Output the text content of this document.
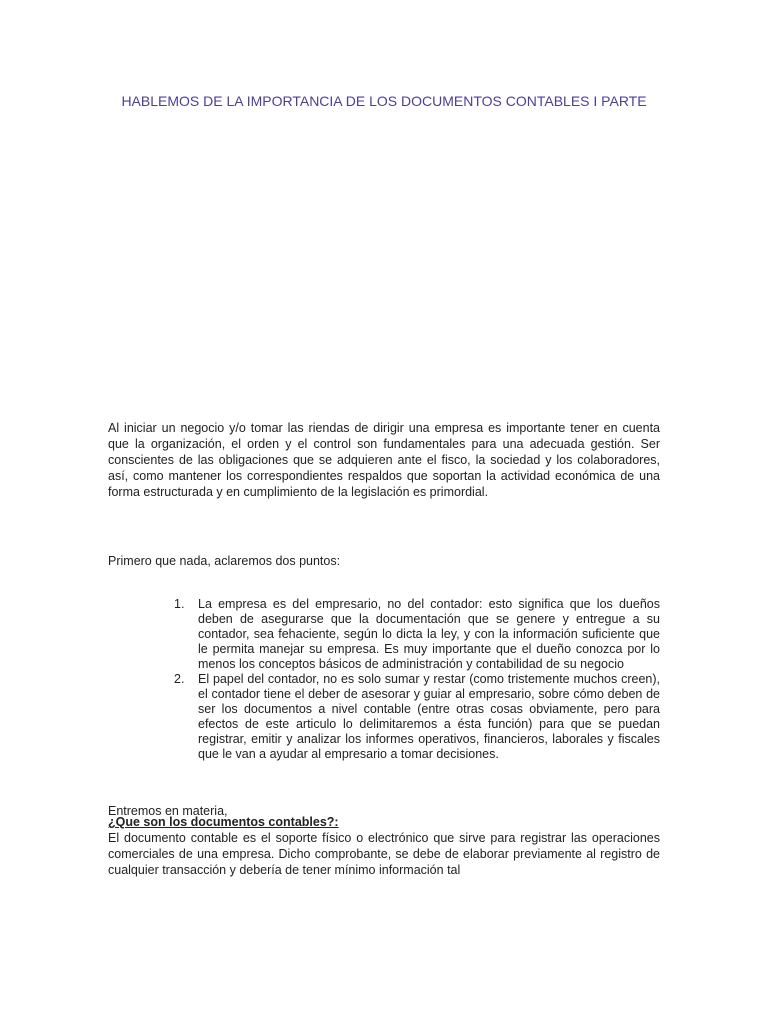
HABLEMOS DE LA IMPORTANCIA DE LOS DOCUMENTOS CONTABLES I PARTE

Al iniciar un negocio y/o tomar las riendas de dirigir una empresa es importante tener en cuenta que la organización, el orden y el control son fundamentales para una adecuada gestión. Ser conscientes de las obligaciones que se adquieren ante el fisco, la sociedad y los colaboradores, así, como mantener los correspondientes respaldos que soportan la actividad económica de una forma estructurada y en cumplimiento de la legislación es primordial.

Primero que nada, aclaremos dos puntos:

1. La empresa es del empresario, no del contador: esto significa que los dueños deben de asegurarse que la documentación que se genere y entregue a su contador, sea fehaciente, según lo dicta la ley, y con la información suficiente que le permita manejar su empresa. Es muy importante que el dueño conozca por lo menos los conceptos básicos de administración y contabilidad de su negocio
2. El papel del contador, no es solo sumar y restar (como tristemente muchos creen), el contador tiene el deber de asesorar y guiar al empresario, sobre cómo deben de ser los documentos a nivel contable (entre otras cosas obviamente, pero para efectos de este articulo lo delimitaremos a ésta función) para que se puedan registrar, emitir y analizar los informes operativos, financieros, laborales y fiscales que le van a ayudar al empresario a tomar decisiones.

Entremos en materia,

¿Que son los documentos contables?:

El documento contable es el soporte físico o electrónico que sirve para registrar las operaciones comerciales de una empresa. Dicho comprobante, se debe de elaborar previamente al registro de cualquier transacción y debería de tener mínimo información tal
